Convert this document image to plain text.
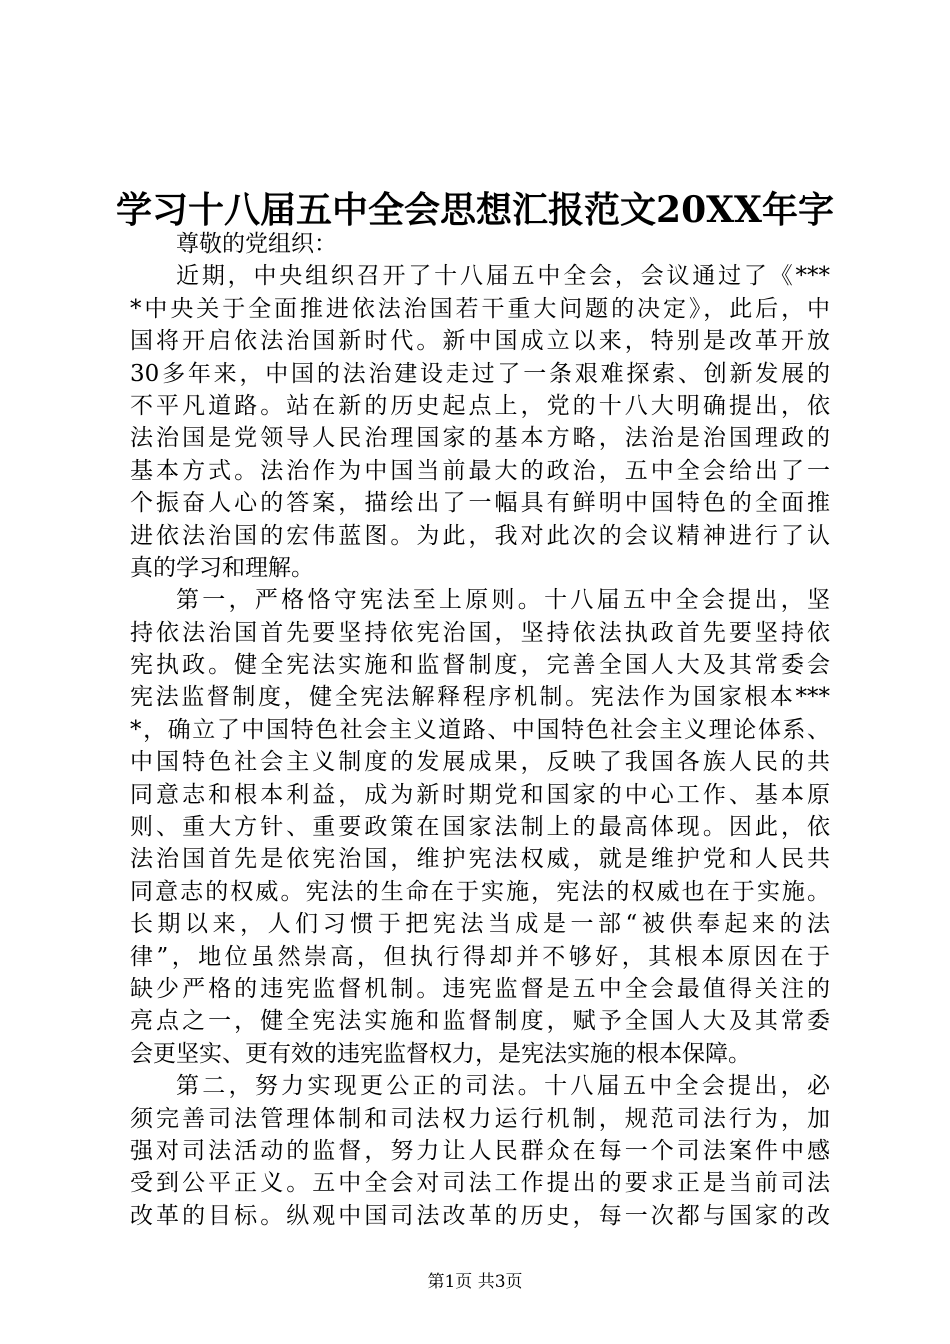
学习十八届五中全会思想汇报范文20XX年字
尊敬的党组织：
近期，中央组织召开了十八届五中全会，会议通过了《***
*中央关于全面推进依法治国若干重大问题的决定》，此后，中
国将开启依法治国新时代。新中国成立以来，特别是改革开放
30多年来，中国的法治建设走过了一条艰难探索、创新发展的
不平凡道路。站在新的历史起点上，党的十八大明确提出，依
法治国是党领导人民治理国家的基本方略，法治是治国理政的
基本方式。法治作为中国当前最大的政治，五中全会给出了一
个振奋人心的答案，描绘出了一幅具有鲜明中国特色的全面推
进依法治国的宏伟蓝图。为此，我对此次的会议精神进行了认
真的学习和理解。
第一，严格恪守宪法至上原则。十八届五中全会提出，坚
持依法治国首先要坚持依宪治国，坚持依法执政首先要坚持依
宪执政。健全宪法实施和监督制度，完善全国人大及其常委会
宪法监督制度，健全宪法解释程序机制。宪法作为国家根本***
*，确立了中国特色社会主义道路、中国特色社会主义理论体系、
中国特色社会主义制度的发展成果，反映了我国各族人民的共
同意志和根本利益，成为新时期党和国家的中心工作、基本原
则、重大方针、重要政策在国家法制上的最高体现。因此，依
法治国首先是依宪治国，维护宪法权威，就是维护党和人民共
同意志的权威。宪法的生命在于实施，宪法的权威也在于实施。
长期以来，人们习惯于把宪法当成是一部“被供奉起来的法
律”，地位虽然崇高，但执行得却并不够好，其根本原因在于
缺少严格的违宪监督机制。违宪监督是五中全会最值得关注的
亮点之一，健全宪法实施和监督制度，赋予全国人大及其常委
会更坚实、更有效的违宪监督权力，是宪法实施的根本保障。
第二，努力实现更公正的司法。十八届五中全会提出，必
须完善司法管理体制和司法权力运行机制，规范司法行为，加
强对司法活动的监督，努力让人民群众在每一个司法案件中感
受到公平正义。五中全会对司法工作提出的要求正是当前司法
改革的目标。纵观中国司法改革的历史，每一次都与国家的改
第1页 共3页
